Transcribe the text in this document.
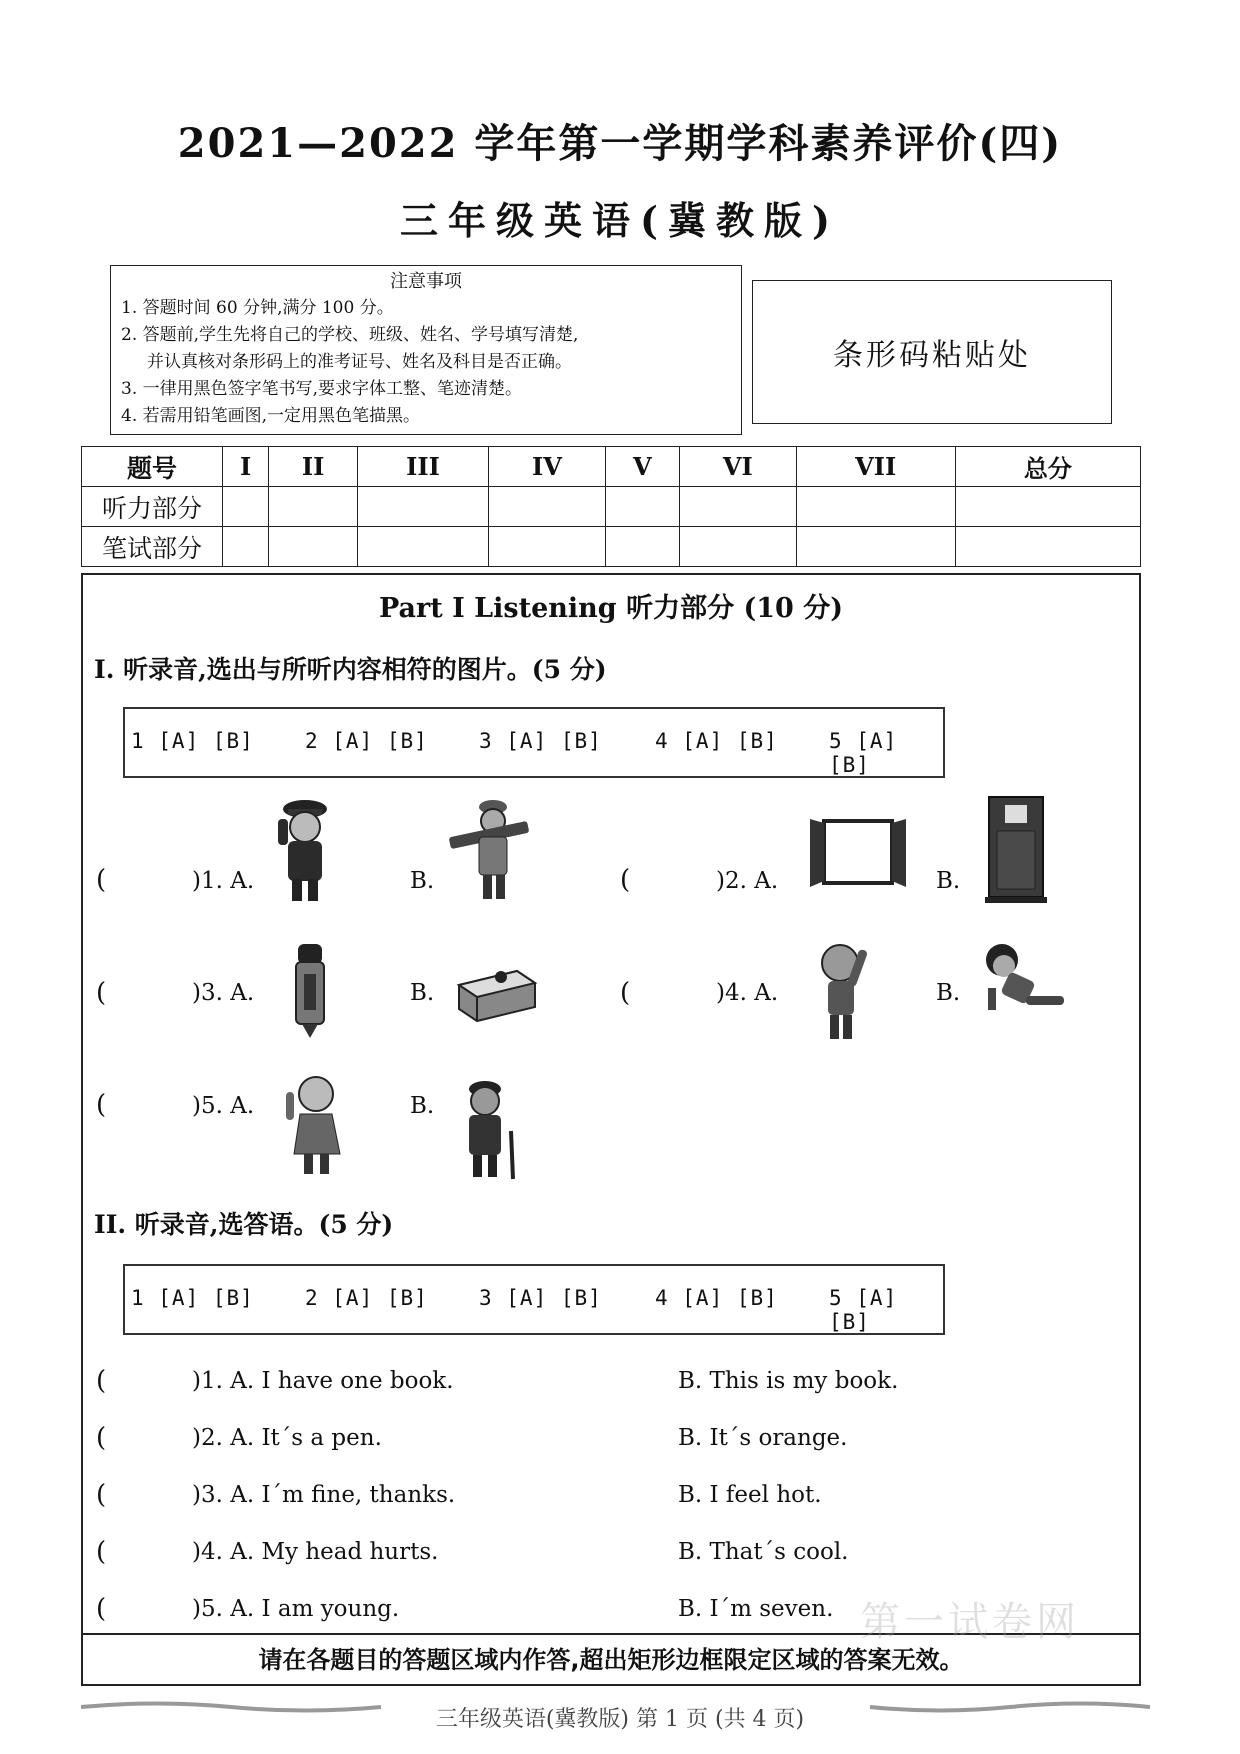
2021—2022 学年第一学期学科素养评价(四)
三年级英语(冀教版)
注意事项
1. 答题时间 60 分钟,满分 100 分。
2. 答题前,学生先将自己的学校、班级、姓名、学号填写清楚,
并认真核对条形码上的准考证号、姓名及科目是否正确。
3. 一律用黑色签字笔书写,要求字体工整、笔迹清楚。
4. 若需用铅笔画图,一定用黑色笔描黑。
条形码粘贴处
题号	I	II	III	IV	V	VI	VII	总分
听力部分								
笔试部分								
Part I Listening 听力部分 (10 分)
I. 听录音,选出与所听内容相符的图片。(5 分)
1 [A] [B] 2 [A] [B] 3 [A] [B]	4 [A] [B] 5 [A] [B]
(	)1. A.	B.	(	)2. A.	B.
(	)3. A.	B.	(	)4. A.	B.
(	)5. A.	B.
II. 听录音,选答语。(5 分)
1 [A] [B] 2 [A] [B] 3 [A] [B]	4 [A] [B] 5 [A] [B]
(	)1. A. I have one book.	B. This is my book.
(	)2. A. It´s a pen.	B. It´s orange.
(	)3. A. I´m fine, thanks.	B. I feel hot.
(	)4. A. My head hurts.	B. That´s cool.
(	)5. A. I am young.	B. I´m seven.
请在各题目的答题区域内作答,超出矩形边框限定区域的答案无效。
三年级英语(冀教版) 第 1 页 (共 4 页)
第一试卷网
